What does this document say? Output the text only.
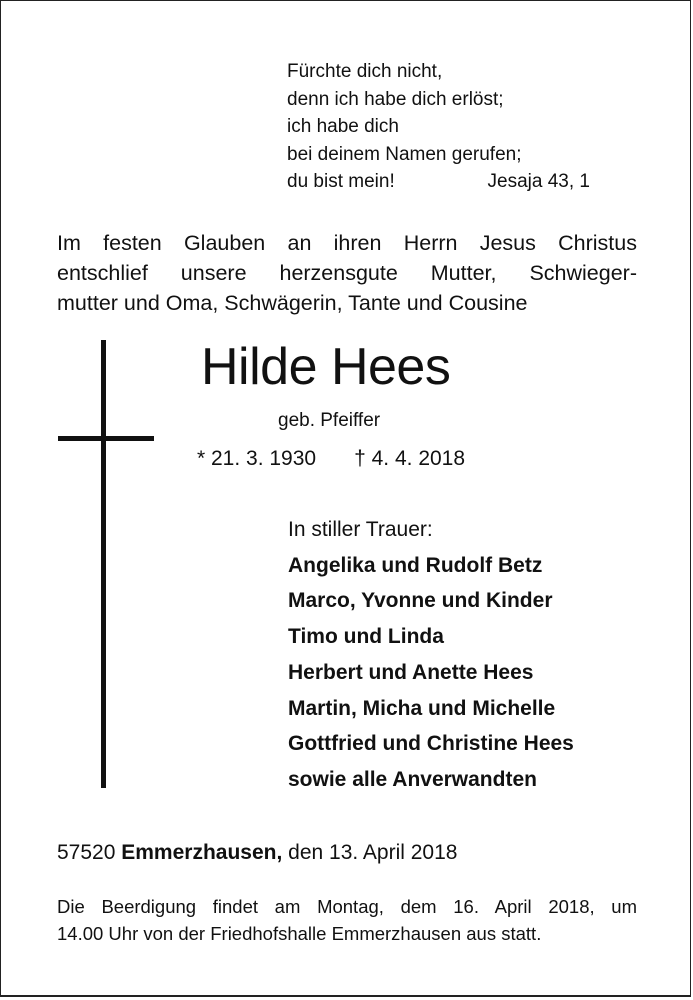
Fürchte dich nicht,
denn ich habe dich erlöst;
ich habe dich
bei deinem Namen gerufen;
du bist mein!	Jesaja 43, 1
Im festen Glauben an ihren Herrn Jesus Christus
entschlief unsere herzensgute Mutter, Schwieger-
mutter und Oma, Schwägerin, Tante und Cousine
Hilde Hees
geb. Pfeiffer
* 21. 3. 1930 † 4. 4. 2018
In stiller Trauer:
Angelika und Rudolf Betz
Marco, Yvonne und Kinder
Timo und Linda
Herbert und Anette Hees
Martin, Micha und Michelle
Gottfried und Christine Hees
sowie alle Anverwandten
57520 Emmerzhausen, den 13. April 2018
Die Beerdigung findet am Montag, dem 16. April 2018, um
14.00 Uhr von der Friedhofshalle Emmerzhausen aus statt.
